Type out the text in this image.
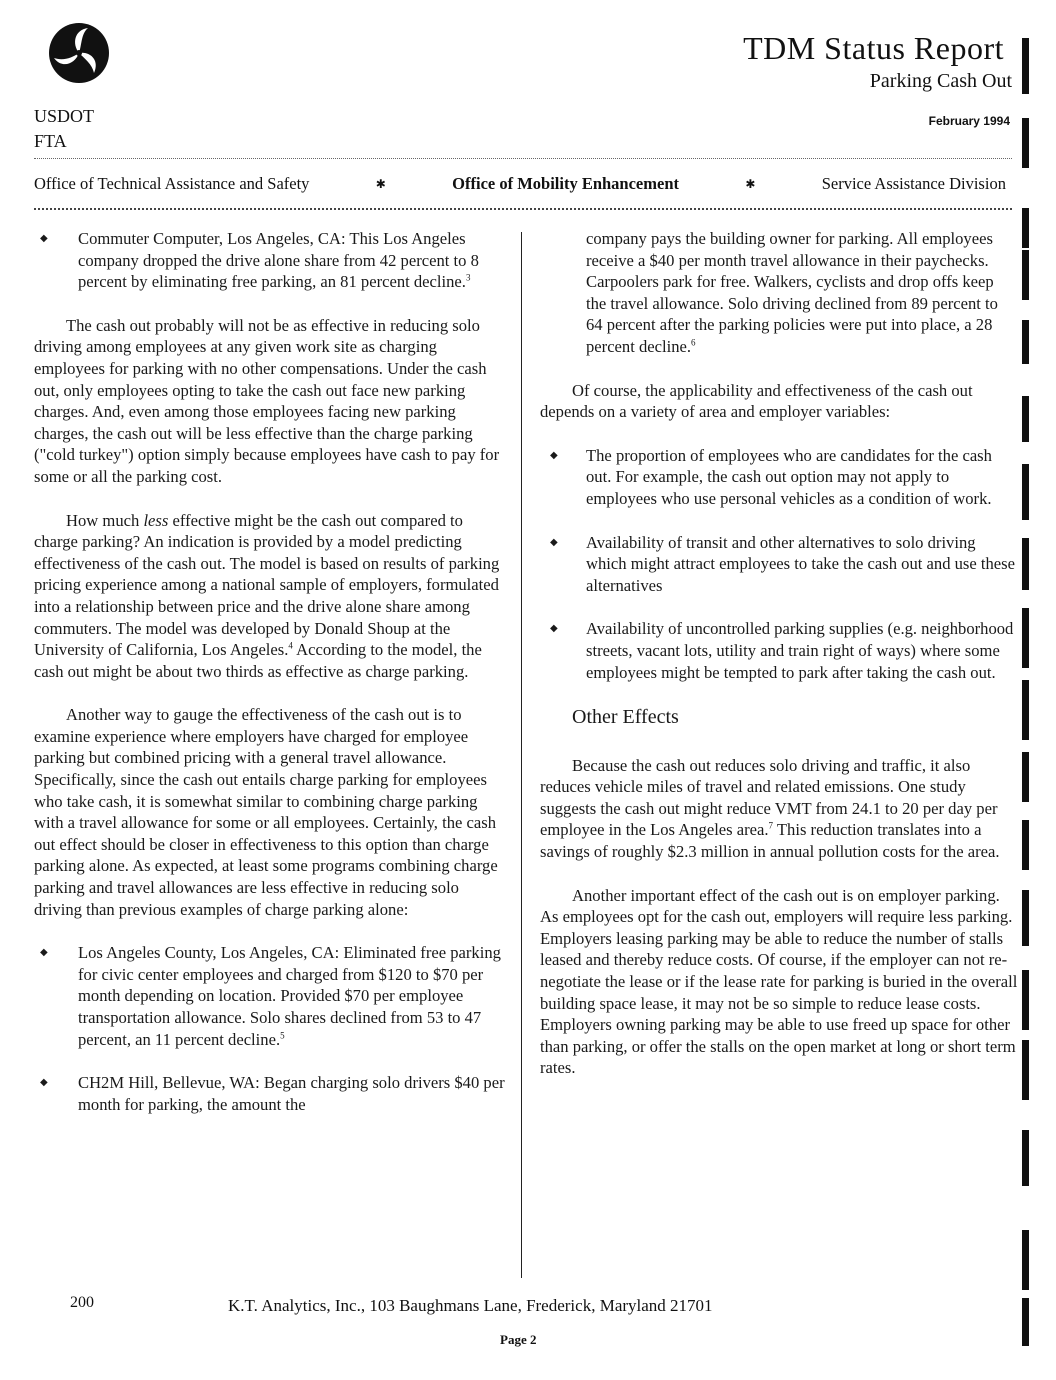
USDOT
FTA
TDM Status Report
Parking Cash Out
February 1994
Office of Technical Assistance and Safety	✱	Office of Mobility Enhancement	✱	Service Assistance Division
◆	Commuter Computer, Los Angeles, CA: This Los Angeles company dropped the drive alone share from 42 percent to 8 percent by eliminating free parking, an 81 percent decline.$^3$

The cash out probably will not be as effective in reducing solo driving among employees at any given work site as charging employees for parking with no other compensations. Under the cash out, only employees opting to take the cash out face new parking charges. And, even among those employees facing new parking charges, the cash out will be less effective than the charge parking ("cold turkey") option simply because employees have cash to pay for some or all the parking cost.

How much less effective might be the cash out compared to charge parking? An indication is provided by a model predicting effectiveness of the cash out. The model is based on results of parking pricing experience among a national sample of employers, formulated into a relationship between price and the drive alone share among commuters. The model was developed by Donald Shoup at the University of California, Los Angeles.$^4$ According to the model, the cash out might be about two thirds as effective as charge parking.

Another way to gauge the effectiveness of the cash out is to examine experience where employers have charged for employee parking but combined pricing with a general travel allowance. Specifically, since the cash out entails charge parking for employees who take cash, it is somewhat similar to combining charge parking with a travel allowance for some or all employees. Certainly, the cash out effect should be closer in effectiveness to this option than charge parking alone. As expected, at least some programs combining charge parking and travel allowances are less effective in reducing solo driving than previous examples of charge parking alone:

◆	Los Angeles County, Los Angeles, CA: Eliminated free parking for civic center employees and charged from $120 to $70 per month depending on location. Provided $70 per employee transportation allowance. Solo shares declined from 53 to 47 percent, an 11 percent decline.$^5$
◆	CH2M Hill, Bellevue, WA: Began charging solo drivers $40 per month for parking, the amount the
company pays the building owner for parking. All employees receive a $40 per month travel allowance in their paychecks. Carpoolers park for free. Walkers, cyclists and drop offs keep the travel allowance. Solo driving declined from 89 percent to 64 percent after the parking policies were put into place, a 28 percent decline.$^6$

Of course, the applicability and effectiveness of the cash out depends on a variety of area and employer variables:

◆	The proportion of employees who are candidates for the cash out. For example, the cash out option may not apply to employees who use personal vehicles as a condition of work.
◆	Availability of transit and other alternatives to solo driving which might attract employees to take the cash out and use these alternatives
◆	Availability of uncontrolled parking supplies (e.g. neighborhood streets, vacant lots, utility and train right of ways) where some employees might be tempted to park after taking the cash out.
Other Effects

Because the cash out reduces solo driving and traffic, it also reduces vehicle miles of travel and related emissions. One study suggests the cash out might reduce VMT from 24.1 to 20 per day per employee in the Los Angeles area.$^7$ This reduction translates into a savings of roughly $2.3 million in annual pollution costs for the area.

Another important effect of the cash out is on employer parking. As employees opt for the cash out, employers will require less parking. Employers leasing parking may be able to reduce the number of stalls leased and thereby reduce costs. Of course, if the employer can not re-negotiate the lease or if the lease rate for parking is buried in the overall building space lease, it may not be so simple to reduce lease costs. Employers owning parking may be able to use freed up space for other than parking, or offer the stalls on the open market at long or short term rates.

200	K.T. Analytics, Inc., 103 Baughmans Lane, Frederick, Maryland 21701
Page 2
